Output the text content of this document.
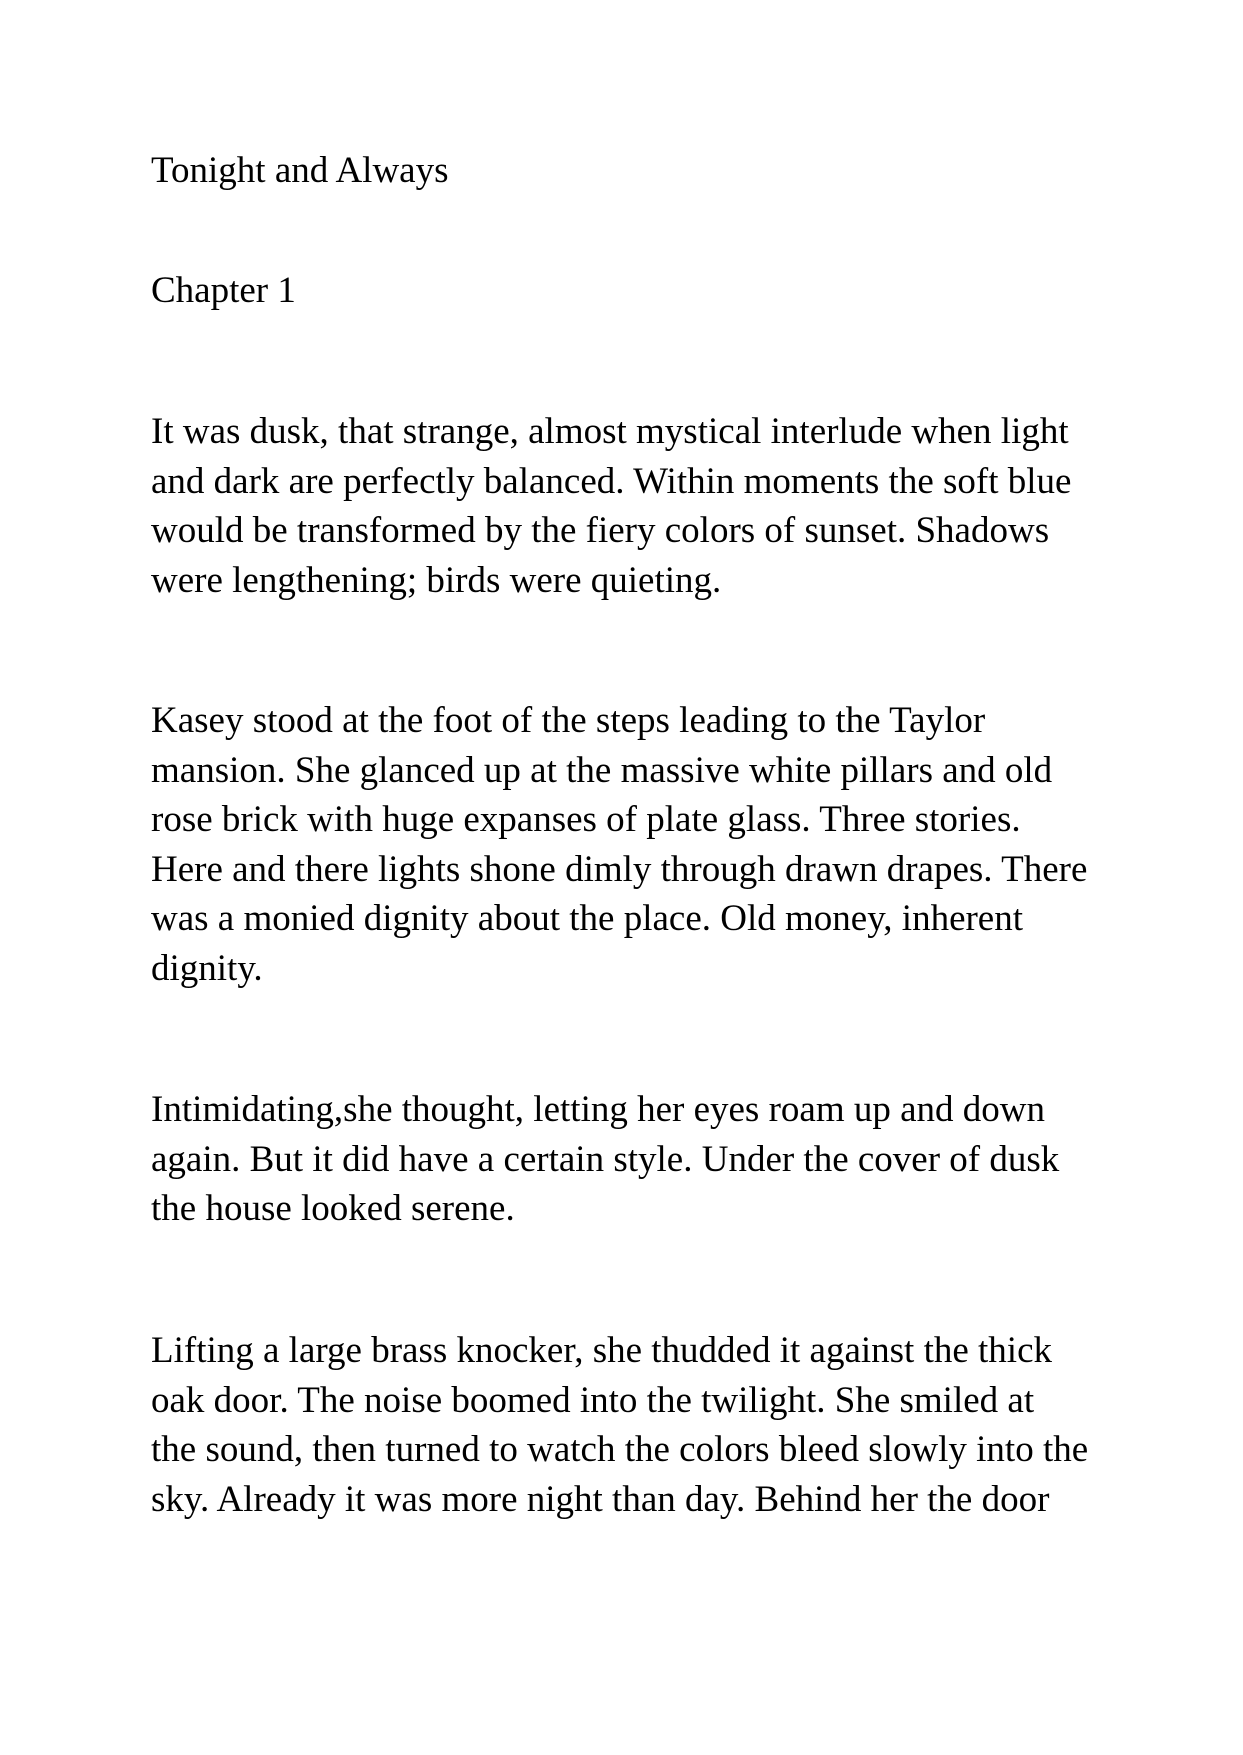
Tonight and Always

Chapter 1

It was dusk, that strange, almost mystical interlude when light
and dark are perfectly balanced. Within moments the soft blue
would be transformed by the fiery colors of sunset. Shadows
were lengthening; birds were quieting.

Kasey stood at the foot of the steps leading to the Taylor
mansion. She glanced up at the massive white pillars and old
rose brick with huge expanses of plate glass. Three stories.
Here and there lights shone dimly through drawn drapes. There
was a monied dignity about the place. Old money, inherent
dignity.

Intimidating,she thought, letting her eyes roam up and down
again. But it did have a certain style. Under the cover of dusk
the house looked serene.

Lifting a large brass knocker, she thudded it against the thick
oak door. The noise boomed into the twilight. She smiled at
the sound, then turned to watch the colors bleed slowly into the
sky. Already it was more night than day. Behind her the door
